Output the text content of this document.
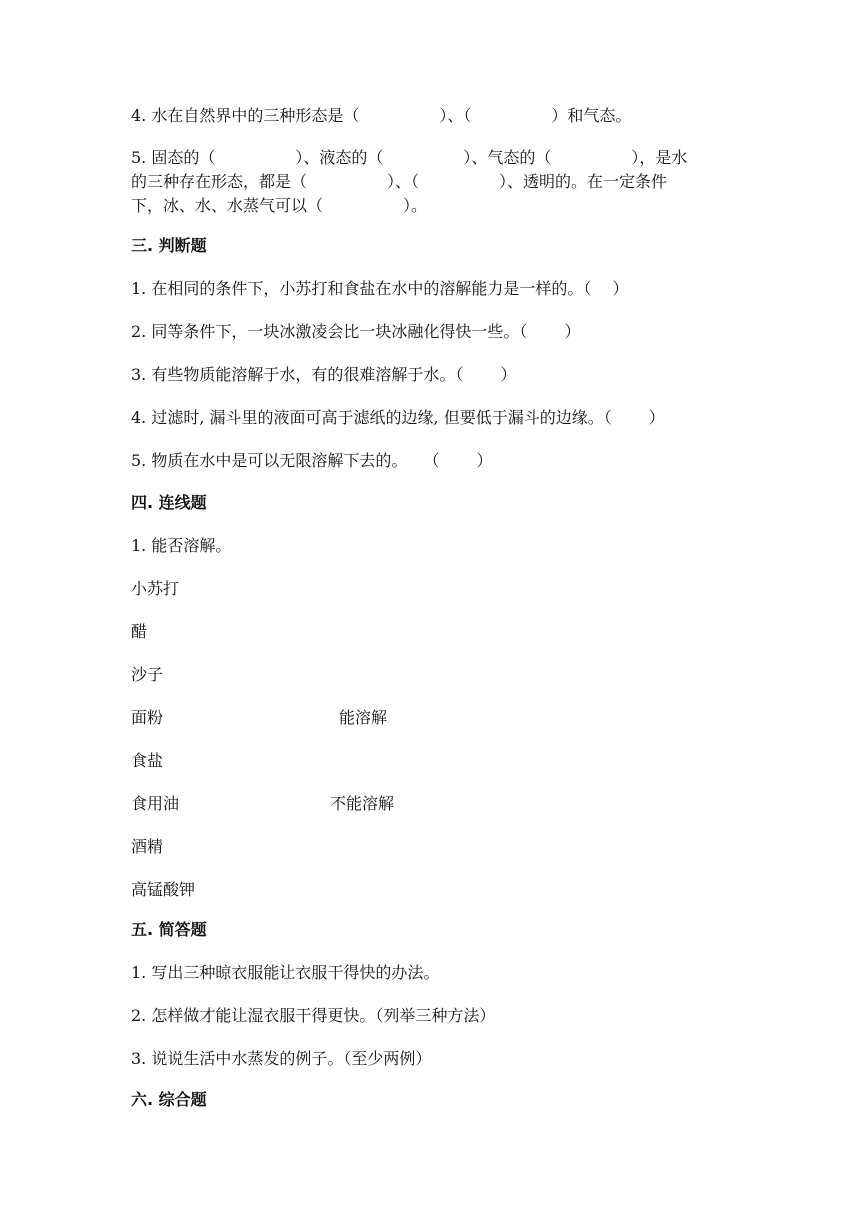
4. 水在自然界中的三种形态是（　　　　　）、（　　　　　）和气态。
5. 固态的（　　　　　）、液态的（　　　　　）、气态的（　　　　　），是水
的三种存在形态，都是（　　　　　）、（　　　　　）、透明的。在一定条件
下，冰、水、水蒸气可以（　　　　　）。
三. 判断题
1. 在相同的条件下，小苏打和食盐在水中的溶解能力是一样的。（　 ）
2. 同等条件下，一块冰激凌会比一块冰融化得快一些。（　　 ）
3. 有些物质能溶解于水，有的很难溶解于水。（　　 ）
4. 过滤时, 漏斗里的液面可高于滤纸的边缘, 但要低于漏斗的边缘。（　　 ）
5. 物质在水中是可以无限溶解下去的。　　（　　 ）
四. 连线题
1. 能否溶解。
小苏打
醋
沙子
面粉
食盐
食用油
酒精
高锰酸钾
能溶解
不能溶解
五. 简答题
1. 写出三种晾衣服能让衣服干得快的办法。
2. 怎样做才能让湿衣服干得更快。（列举三种方法）
3. 说说生活中水蒸发的例子。（至少两例）
六. 综合题
